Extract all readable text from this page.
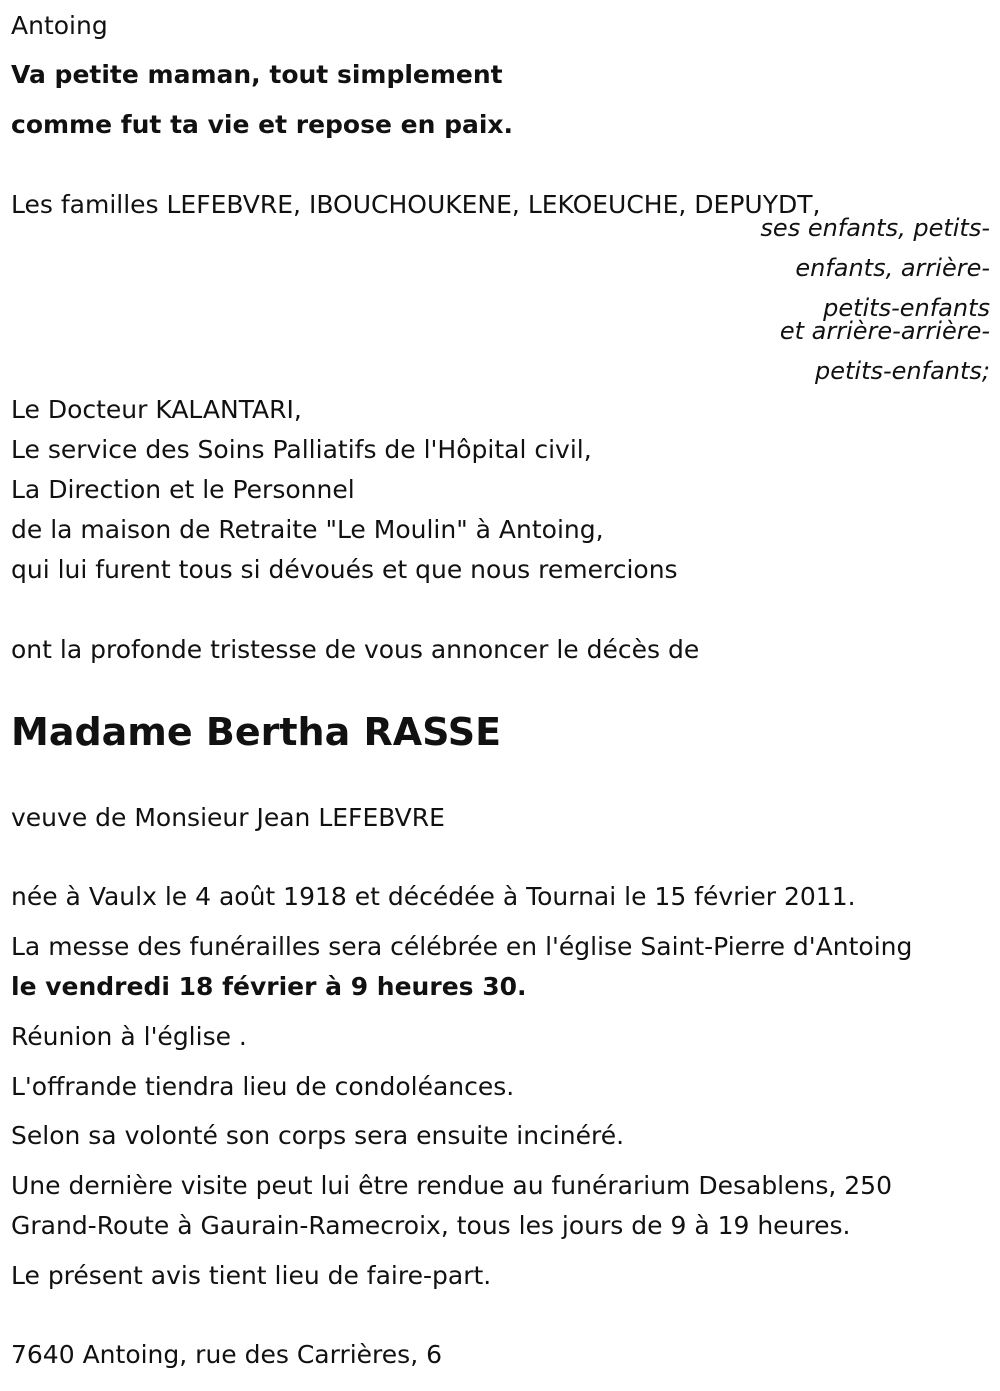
Antoing
Va petite maman, tout simplement
comme fut ta vie et repose en paix.
Les familles LEFEBVRE, IBOUCHOUKENE, LEKOEUCHE, DEPUYDT,
ses enfants, petits-
enfants, arrière-
petits-enfants
et arrière-arrière-
petits-enfants;
Le Docteur KALANTARI,
Le service des Soins Palliatifs de l'Hôpital civil,
La Direction et le Personnel
de la maison de Retraite "Le Moulin" à Antoing,
qui lui furent tous si dévoués et que nous remercions
ont la profonde tristesse de vous annoncer le décès de
Madame Bertha RASSE
veuve de Monsieur Jean LEFEBVRE
née à Vaulx le 4 août 1918 et décédée à Tournai le 15 février 2011.
La messe des funérailles sera célébrée en l'église Saint-Pierre d'Antoing
le vendredi 18 février à 9 heures 30.
Réunion à l'église .
L'offrande tiendra lieu de condoléances.
Selon sa volonté son corps sera ensuite incinéré.
Une dernière visite peut lui être rendue au funérarium Desablens, 250
Grand-Route à Gaurain-Ramecroix, tous les jours de 9 à 19 heures.
Le présent avis tient lieu de faire-part.
7640 Antoing, rue des Carrières, 6
